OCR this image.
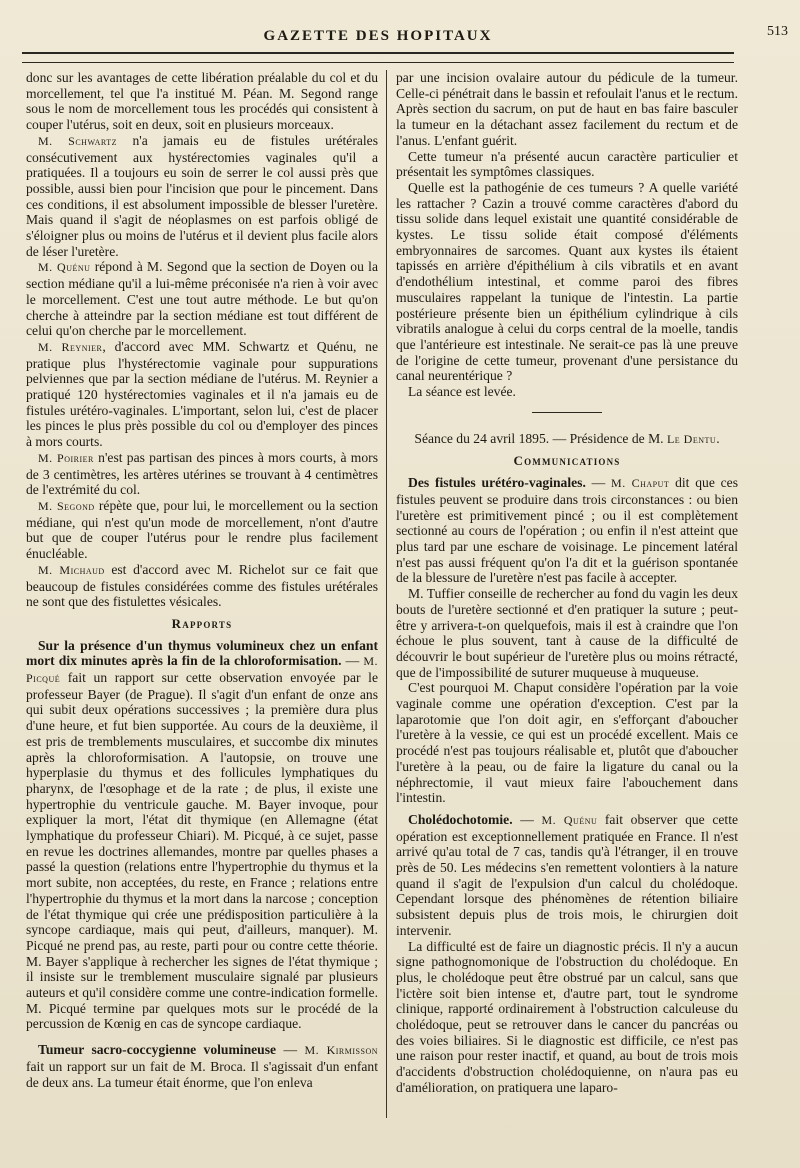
GAZETTE DES HOPITAUX	513

donc sur les avantages de cette libération préalable du col et du morcellement, tel que l'a institué M. Péan. M. Segond range sous le nom de morcellement tous les procédés qui consistent à couper l'utérus, soit en deux, soit en plusieurs morceaux.

M. Schwartz n'a jamais eu de fistules urétérales consécutivement aux hystérectomies vaginales qu'il a pratiquées. Il a toujours eu soin de serrer le col aussi près que possible, aussi bien pour l'incision que pour le pincement. Dans ces conditions, il est absolument impossible de blesser l'uretère. Mais quand il s'agit de néoplasmes on est parfois obligé de s'éloigner plus ou moins de l'utérus et il devient plus facile alors de léser l'uretère.

M. Quénu répond à M. Segond que la section de Doyen ou la section médiane qu'il a lui-même préconisée n'a rien à voir avec le morcellement. C'est une tout autre méthode. Le but qu'on cherche à atteindre par la section médiane est tout différent de celui qu'on cherche par le morcellement.

M. Reynier, d'accord avec MM. Schwartz et Quénu, ne pratique plus l'hystérectomie vaginale pour suppurations pelviennes que par la section médiane de l'utérus. M. Reynier a pratiqué 120 hystérectomies vaginales et il n'a jamais eu de fistules urétéro-vaginales. L'important, selon lui, c'est de placer les pinces le plus près possible du col ou d'employer des pinces à mors courts.

M. Poirier n'est pas partisan des pinces à mors courts, à mors de 3 centimètres, les artères utérines se trouvant à 4 centimètres de l'extrémité du col.

M. Segond répète que, pour lui, le morcellement ou la section médiane, qui n'est qu'un mode de morcellement, n'ont d'autre but que de couper l'utérus pour le rendre plus facilement énucléable.

M. Michaud est d'accord avec M. Richelot sur ce fait que beaucoup de fistules considérées comme des fistules urétérales ne sont que des fistulettes vésicales.

Rapports

Sur la présence d'un thymus volumineux chez un enfant mort dix minutes après la fin de la chloroformisation. — M. Picqué fait un rapport sur cette observation envoyée par le professeur Bayer (de Prague). Il s'agit d'un enfant de onze ans qui subit deux opérations successives ; la première dura plus d'une heure, et fut bien supportée. Au cours de la deuxième, il est pris de tremblements musculaires, et succombe dix minutes après la chloroformisation. A l'autopsie, on trouve une hyperplasie du thymus et des follicules lymphatiques du pharynx, de l'œsophage et de la rate ; de plus, il existe une hypertrophie du ventricule gauche. M. Bayer invoque, pour expliquer la mort, l'état dit thymique (en Allemagne (état lymphatique du professeur Chiari). M. Picqué, à ce sujet, passe en revue les doctrines allemandes, montre par quelles phases a passé la question (relations entre l'hypertrophie du thymus et la mort subite, non acceptées, du reste, en France ; relations entre l'hypertrophie du thymus et la mort dans la narcose ; conception de l'état thymique qui crée une prédisposition particulière à la syncope cardiaque, mais qui peut, d'ailleurs, manquer). M. Picqué ne prend pas, au reste, parti pour ou contre cette théorie. M. Bayer s'applique à rechercher les signes de l'état thymique ; il insiste sur le tremblement musculaire signalé par plusieurs auteurs et qu'il considère comme une contre-indication formelle. M. Picqué termine par quelques mots sur le procédé de la percussion de Kœnig en cas de syncope cardiaque.

Tumeur sacro-coccygienne volumineuse — M. Kirmisson fait un rapport sur un fait de M. Broca. Il s'agissait d'un enfant de deux ans. La tumeur était énorme, que l'on enleva

par une incision ovalaire autour du pédicule de la tumeur. Celle-ci pénétrait dans le bassin et refoulait l'anus et le rectum. Après section du sacrum, on put de haut en bas faire basculer la tumeur en la détachant assez facilement du rectum et de l'anus. L'enfant guérit.

Cette tumeur n'a présenté aucun caractère particulier et présentait les symptômes classiques.

Quelle est la pathogénie de ces tumeurs ? A quelle variété les rattacher ? Cazin a trouvé comme caractères d'abord du tissu solide dans lequel existait une quantité considérable de kystes. Le tissu solide était composé d'éléments embryonnaires de sarcomes. Quant aux kystes ils étaient tapissés en arrière d'épithélium à cils vibratils et en avant d'endothélium intestinal, et comme paroi des fibres musculaires rappelant la tunique de l'intestin. La partie postérieure présente bien un épithélium cylindrique à cils vibratils analogue à celui du corps central de la moelle, tandis que l'antérieure est intestinale. Ne serait-ce pas là une preuve de l'origine de cette tumeur, provenant d'une persistance du canal neurentérique ?

La séance est levée.

Séance du 24 avril 1895. — Présidence de M. Le Dentu.

Communications

Des fistules urétéro-vaginales. — M. Chaput dit que ces fistules peuvent se produire dans trois circonstances : ou bien l'uretère est primitivement pincé ; ou il est complètement sectionné au cours de l'opération ; ou enfin il n'est atteint que plus tard par une eschare de voisinage. Le pincement latéral n'est pas aussi fréquent qu'on l'a dit et la guérison spontanée de la blessure de l'uretère n'est pas facile à accepter.

M. Tuffier conseille de rechercher au fond du vagin les deux bouts de l'uretère sectionné et d'en pratiquer la suture ; peut-être y arrivera-t-on quelquefois, mais il est à craindre que l'on échoue le plus souvent, tant à cause de la difficulté de découvrir le bout supérieur de l'uretère plus ou moins rétracté, que de l'impossibilité de suturer muqueuse à muqueuse.

C'est pourquoi M. Chaput considère l'opération par la voie vaginale comme une opération d'exception. C'est par la laparotomie que l'on doit agir, en s'efforçant d'aboucher l'uretère à la vessie, ce qui est un procédé excellent. Mais ce procédé n'est pas toujours réalisable et, plutôt que d'aboucher l'uretère à la peau, ou de faire la ligature du canal ou la néphrectomie, il vaut mieux faire l'abouchement dans l'intestin.

Cholédochotomie. — M. Quénu fait observer que cette opération est exceptionnellement pratiquée en France. Il n'est arrivé qu'au total de 7 cas, tandis qu'à l'étranger, il en trouve près de 50. Les médecins s'en remettent volontiers à la nature quand il s'agit de l'expulsion d'un calcul du cholédoque. Cependant lorsque des phénomènes de rétention biliaire subsistent depuis plus de trois mois, le chirurgien doit intervenir.

La difficulté est de faire un diagnostic précis. Il n'y a aucun signe pathognomonique de l'obstruction du cholédoque. En plus, le cholédoque peut être obstrué par un calcul, sans que l'ictère soit bien intense et, d'autre part, tout le syndrome clinique, rapporté ordinairement à l'obstruction calculeuse du cholédoque, peut se retrouver dans le cancer du pancréas ou des voies biliaires. Si le diagnostic est difficile, ce n'est pas une raison pour rester inactif, et quand, au bout de trois mois d'accidents d'obstruction cholédoquienne, on n'aura pas eu d'amélioration, on pratiquera une laparo-
